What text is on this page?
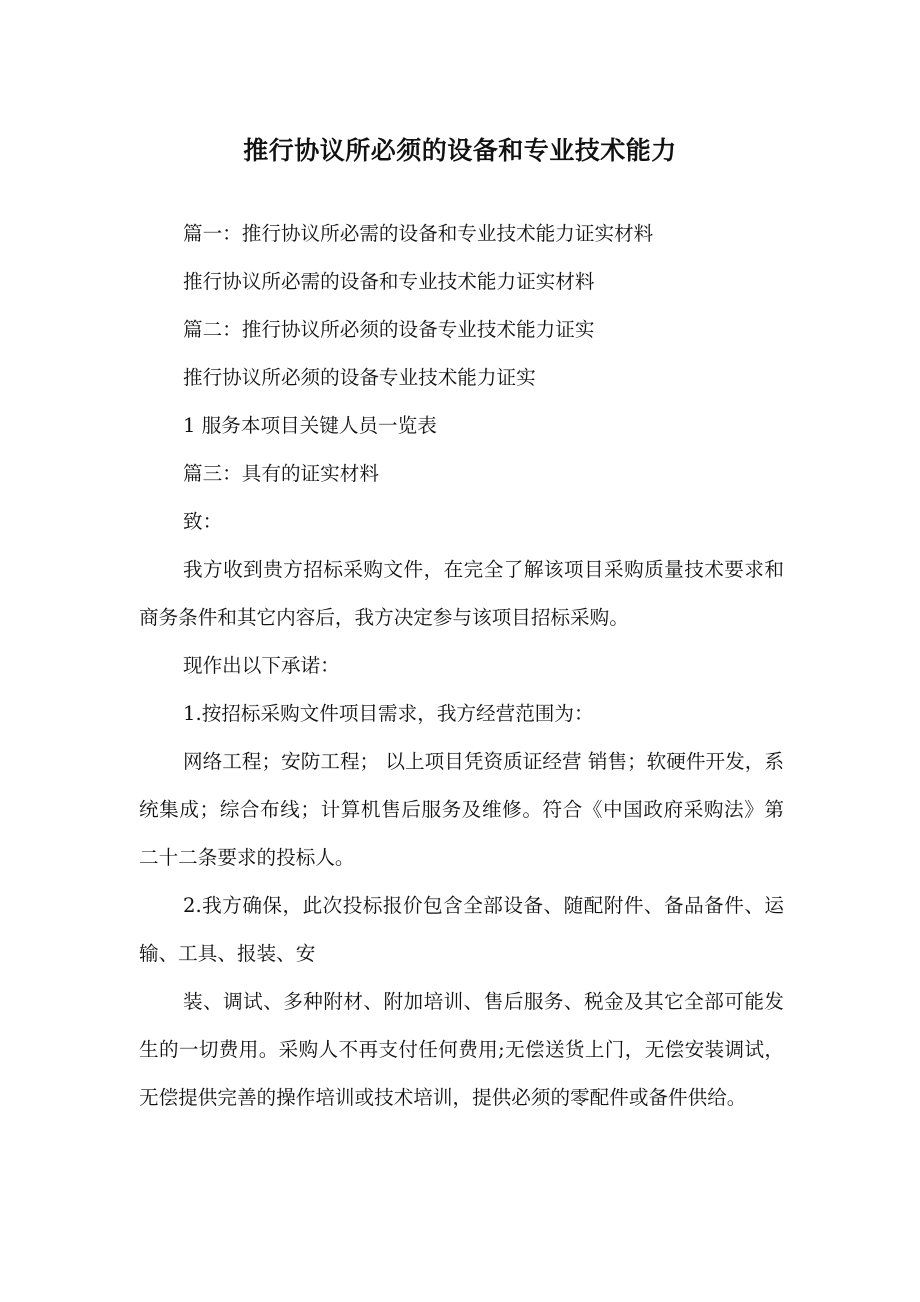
推行协议所必须的设备和专业技术能力

篇一：推行协议所必需的设备和专业技术能力证实材料

推行协议所必需的设备和专业技术能力证实材料

篇二：推行协议所必须的设备专业技术能力证实

推行协议所必须的设备专业技术能力证实

1 服务本项目关键人员一览表

篇三：具有的证实材料

致：

我方收到贵方招标采购文件，在完全了解该项目采购质量技术要求和商务条件和其它内容后，我方决定参与该项目招标采购。

现作出以下承诺：

1.按招标采购文件项目需求，我方经营范围为：

网络工程；安防工程； 以上项目凭资质证经营 销售；软硬件开发，系统集成；综合布线；计算机售后服务及维修。符合《中国政府采购法》第二十二条要求的投标人。

2.我方确保，此次投标报价包含全部设备、随配附件、备品备件、运输、工具、报装、安

装、调试、多种附材、附加培训、售后服务、税金及其它全部可能发生的一切费用。采购人不再支付任何费用;无偿送货上门，无偿安装调试，无偿提供完善的操作培训或技术培训，提供必须的零配件或备件供给。
